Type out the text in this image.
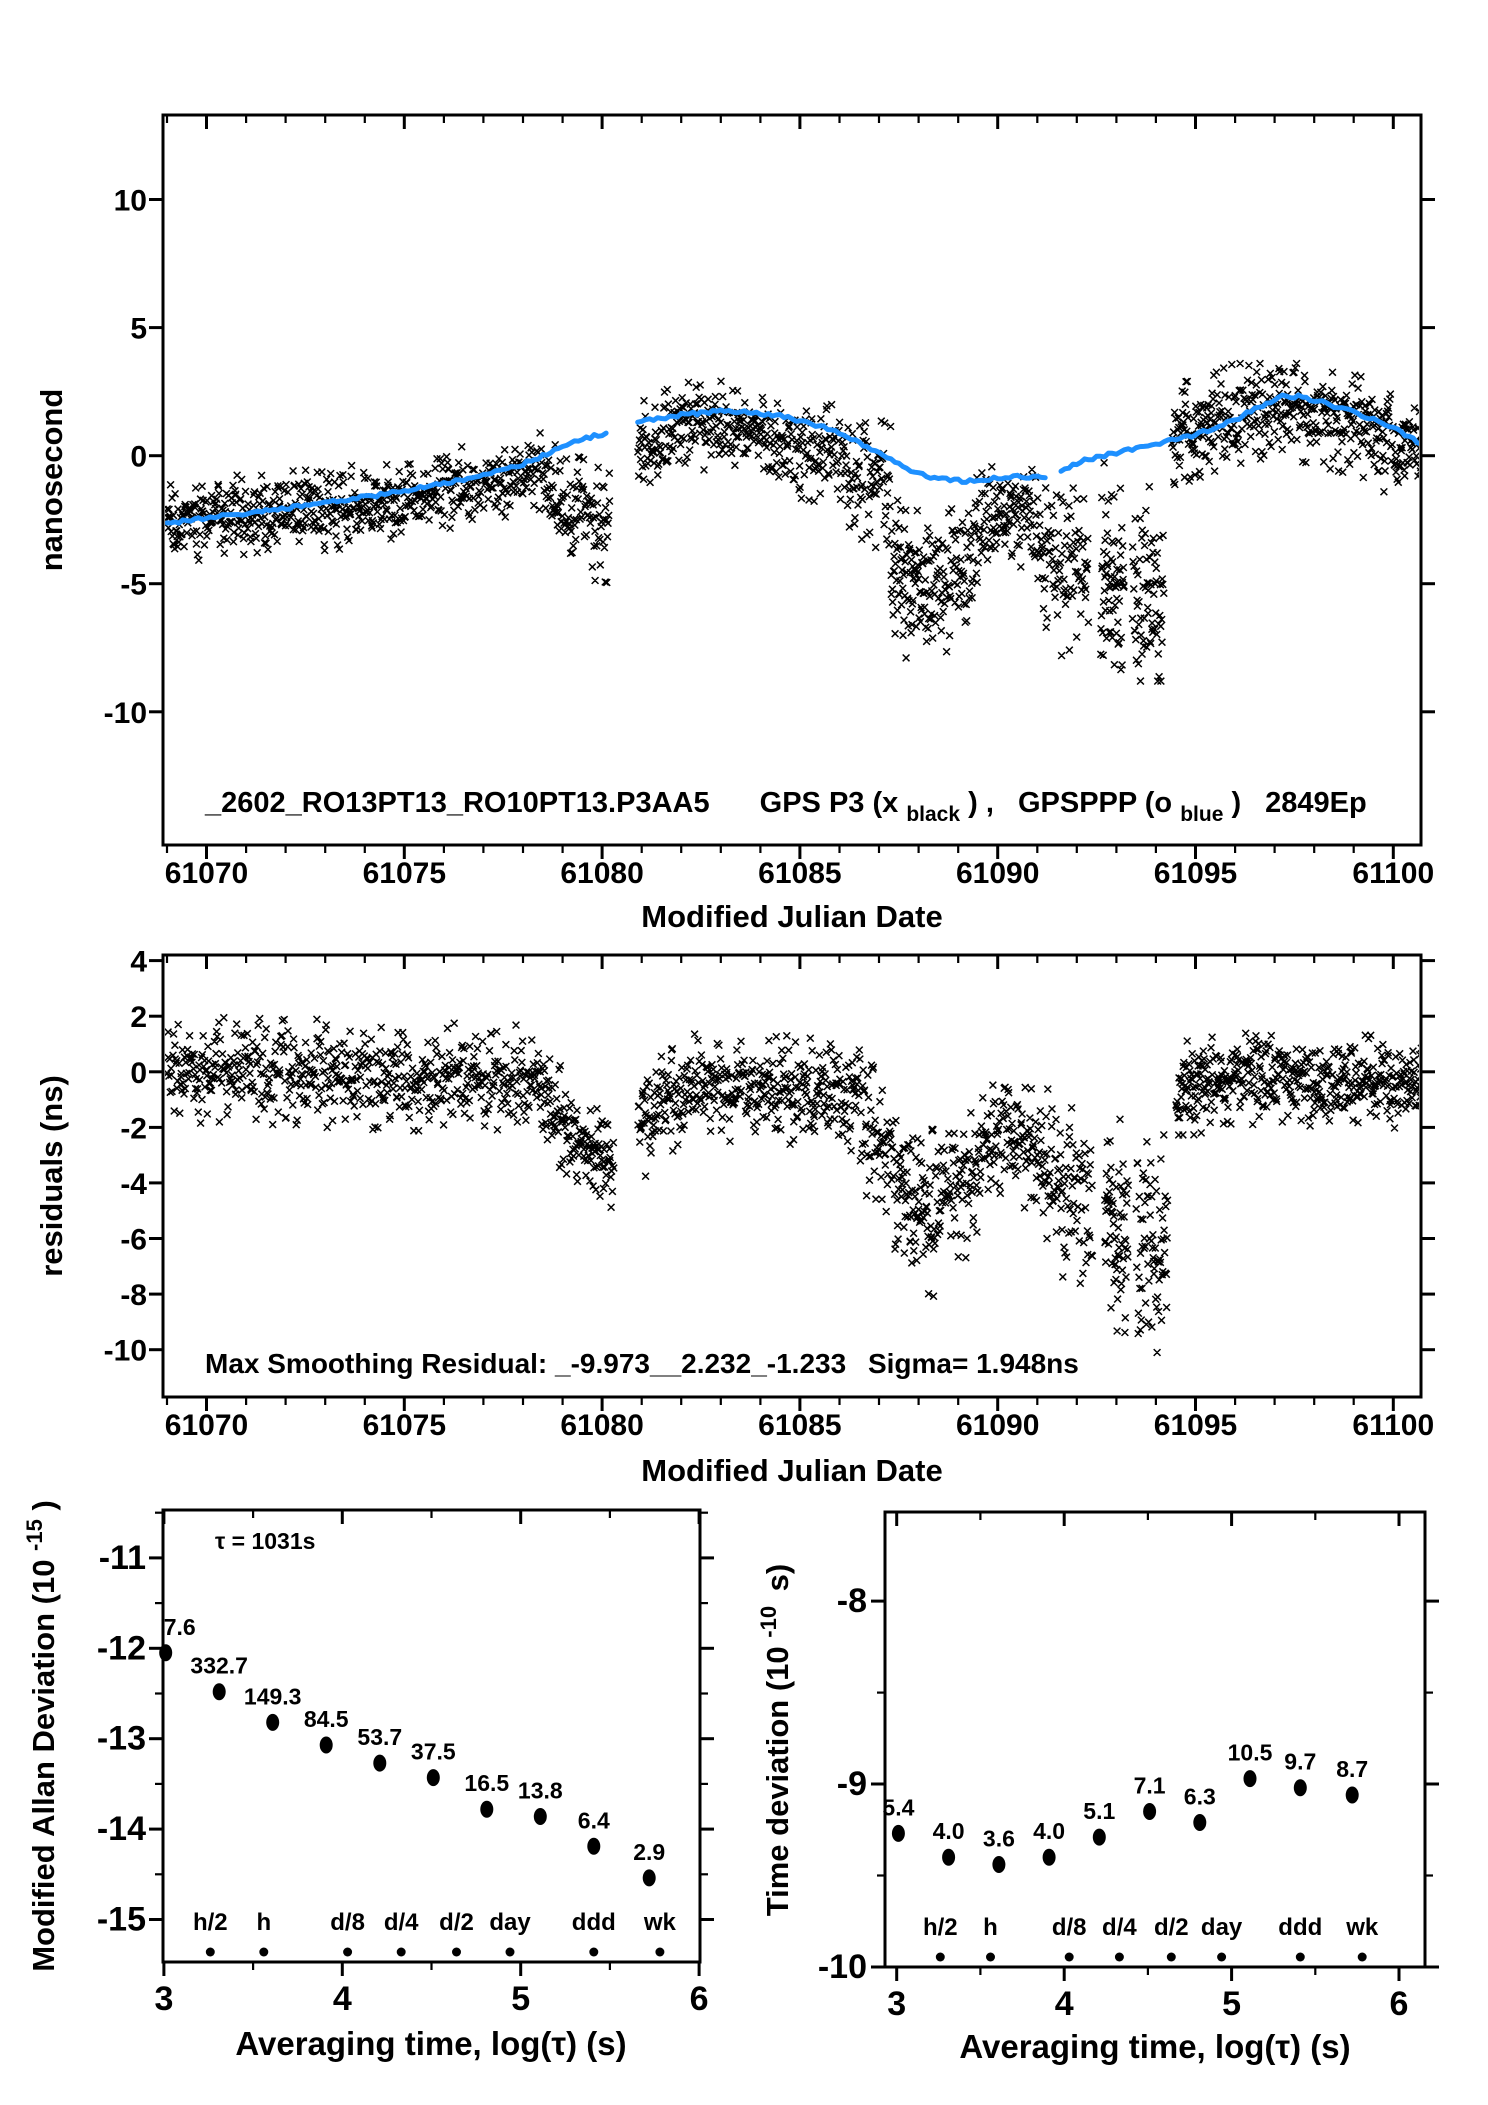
61070	61075	61080	61085	61090	61095	61100
10
5
0
-5
-10
61070	61075	61080	61085	61090	61095	61100
4
2
0
-2
-4
-6
-8
-10
7.6
332.7
149.3
84.5
53.7
37.5
16.5 13.8
6.4
2.9
h/2 h d/8 d/4 d/2 day ddd wk
3	4	5	6
-11
-12
-13
-14
-15
5.4
4.0 3.6 4.0
5.1
7.1 6.3
10.5 9.7 8.7
h/2 h d/8 d/4 d/2 day ddd wk
3	4	5	6
-8
-9
-10
nanosecond
Modified Julian Date
_2602_RO13PT13_RO10PT13.P3AA5 GPS P3 (x $_{black}$ ) , GPSPPP (o $_{blue}$ ) 2849Ep
residuals (ns)
Modified Julian Date
Max Smoothing Residual: _-9.973__2.232_-1.233 Sigma= 1.948ns
Modified Allan Deviation (10 $^{-15}$ )
Averaging time, log(τ) (s)
τ = 1031s
Time deviation (10 $^{-10}$ s)
Averaging time, log(τ) (s)
